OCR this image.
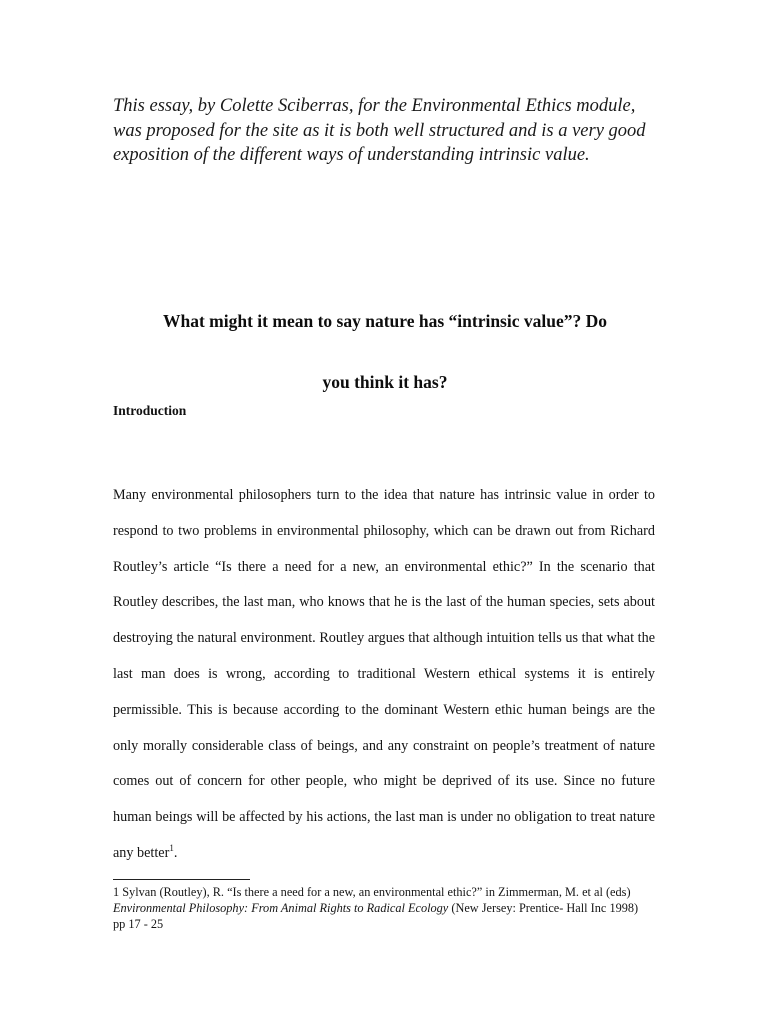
This essay, by Colette Sciberras, for the Environmental Ethics module, was proposed for the site as it is both well structured and is a very good exposition of the different ways of understanding intrinsic value.
What might it mean to say nature has “intrinsic value”? Do
you think it has?
Introduction
Many environmental philosophers turn to the idea that nature has intrinsic value in order to respond to two problems in environmental philosophy, which can be drawn out from Richard Routley’s article “Is there a need for a new, an environmental ethic?” In the scenario that Routley describes, the last man, who knows that he is the last of the human species, sets about destroying the natural environment. Routley argues that although intuition tells us that what the last man does is wrong, according to traditional Western ethical systems it is entirely permissible. This is because according to the dominant Western ethic human beings are the only morally considerable class of beings, and any constraint on people’s treatment of nature comes out of concern for other people, who might be deprived of its use. Since no future human beings will be affected by his actions, the last man is under no obligation to treat nature any better$^1$.
1 Sylvan (Routley), R. “Is there a need for a new, an environmental ethic?” in Zimmerman, M. et al (eds)
Environmental Philosophy: From Animal Rights to Radical Ecology (New Jersey: Prentice- Hall Inc 1998)
pp 17 - 25
